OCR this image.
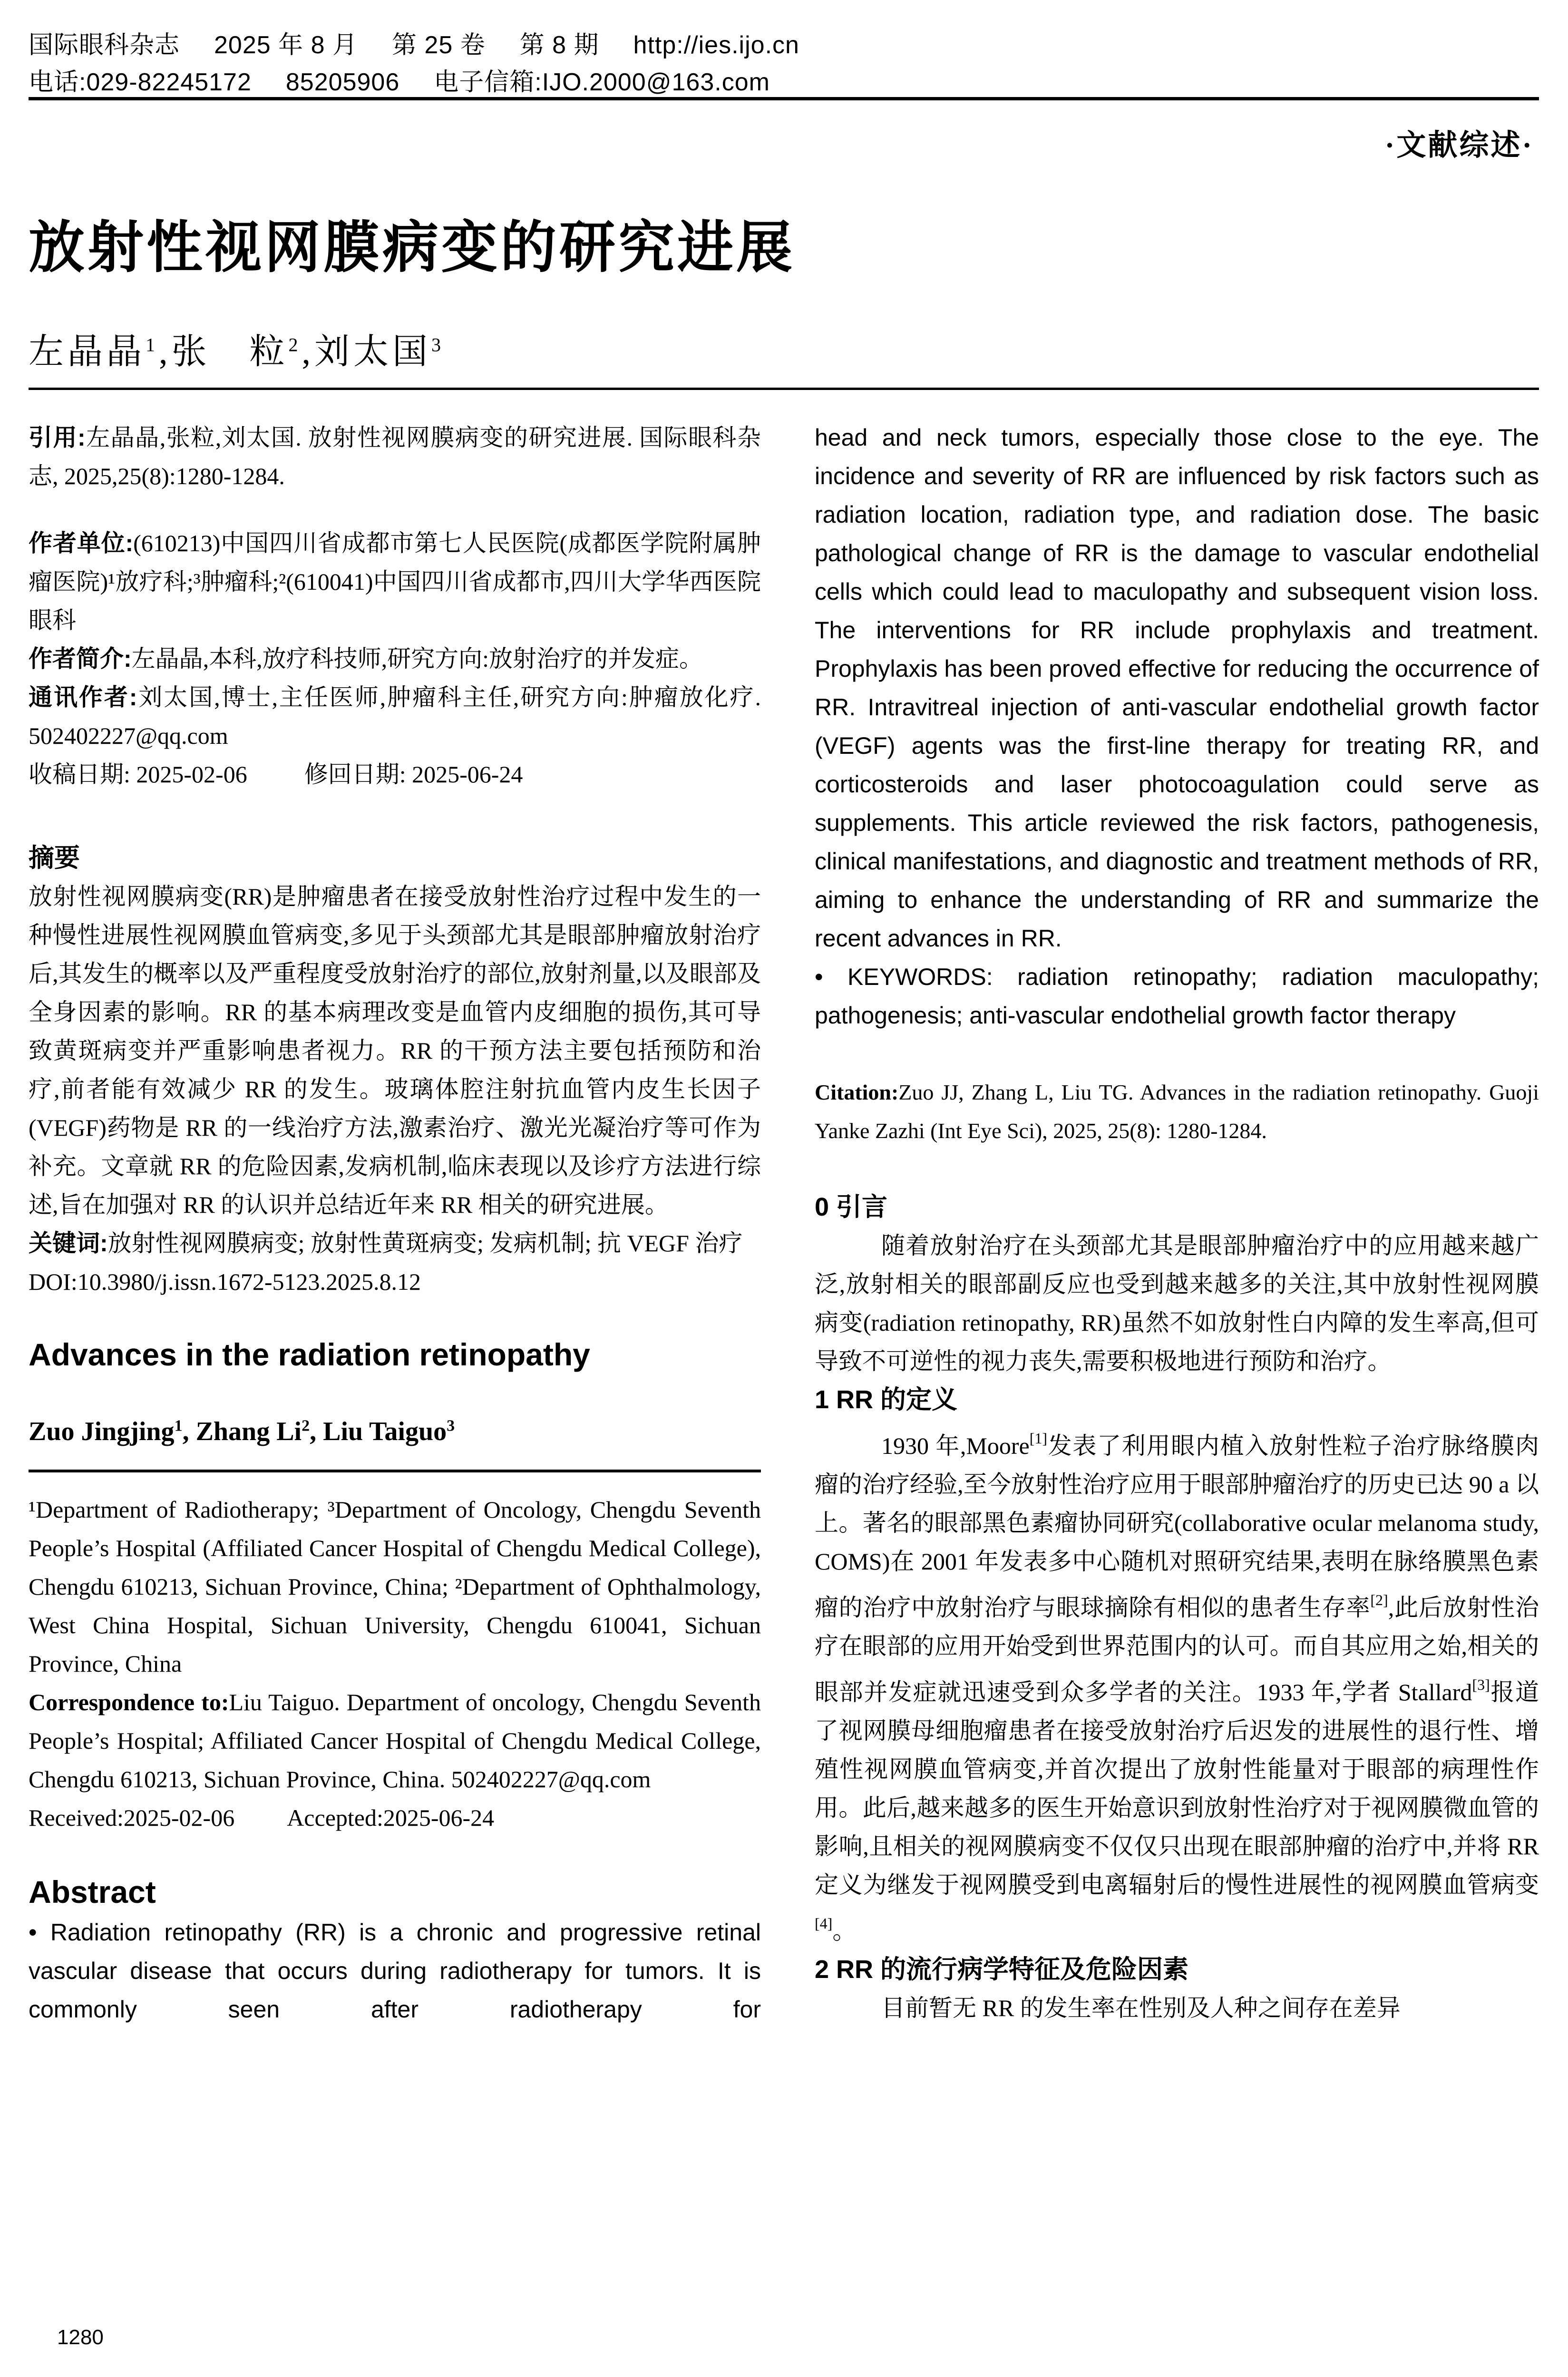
国际眼科杂志 2025 年 8 月 第 25 卷 第 8 期 http://ies.ijo.cn
电话:029-82245172 85205906 电子信箱:IJO.2000@163.com
·文献综述·
放射性视网膜病变的研究进展
左晶晶$^1$,张　粒$^2$,刘太国$^3$

引用:左晶晶,张粒,刘太国. 放射性视网膜病变的研究进展. 国际眼科杂志, 2025,25(8):1280-1284.

作者单位:(610213)中国四川省成都市第七人民医院(成都医学院附属肿瘤医院)¹放疗科;³肿瘤科;²(610041)中国四川省成都市,四川大学华西医院眼科

作者简介:左晶晶,本科,放疗科技师,研究方向:放射治疗的并发症。

通讯作者:刘太国,博士,主任医师,肿瘤科主任,研究方向:肿瘤放化疗. 502402227@qq.com

收稿日期: 2025-02-06 修回日期: 2025-06-24

摘要

放射性视网膜病变(RR)是肿瘤患者在接受放射性治疗过程中发生的一种慢性进展性视网膜血管病变,多见于头颈部尤其是眼部肿瘤放射治疗后,其发生的概率以及严重程度受放射治疗的部位,放射剂量,以及眼部及全身因素的影响。RR 的基本病理改变是血管内皮细胞的损伤,其可导致黄斑病变并严重影响患者视力。RR 的干预方法主要包括预防和治疗,前者能有效减少 RR 的发生。玻璃体腔注射抗血管内皮生长因子(VEGF)药物是 RR 的一线治疗方法,激素治疗、激光光凝治疗等可作为补充。文章就 RR 的危险因素,发病机制,临床表现以及诊疗方法进行综述,旨在加强对 RR 的认识并总结近年来 RR 相关的研究进展。

关键词:放射性视网膜病变; 放射性黄斑病变; 发病机制; 抗 VEGF 治疗

DOI:10.3980/j.issn.1672-5123.2025.8.12

Advances in the radiation retinopathy
Zuo Jingjing$^1$, Zhang Li$^2$, Liu Taiguo$^3$

¹Department of Radiotherapy; ³Department of Oncology, Chengdu Seventh People’s Hospital (Affiliated Cancer Hospital of Chengdu Medical College), Chengdu 610213, Sichuan Province, China; ²Department of Ophthalmology, West China Hospital, Sichuan University, Chengdu 610041, Sichuan Province, China

Correspondence to:Liu Taiguo. Department of oncology, Chengdu Seventh People’s Hospital; Affiliated Cancer Hospital of Chengdu Medical College, Chengdu 610213, Sichuan Province, China. 502402227@qq.com

Received:2025-02-06 Accepted:2025-06-24

Abstract

• Radiation retinopathy (RR) is a chronic and progressive retinal vascular disease that occurs during radiotherapy for tumors. It is commonly seen after radiotherapy for

head and neck tumors, especially those close to the eye. The incidence and severity of RR are influenced by risk factors such as radiation location, radiation type, and radiation dose. The basic pathological change of RR is the damage to vascular endothelial cells which could lead to maculopathy and subsequent vision loss. The interventions for RR include prophylaxis and treatment. Prophylaxis has been proved effective for reducing the occurrence of RR. Intravitreal injection of anti-vascular endothelial growth factor (VEGF) agents was the first-line therapy for treating RR, and corticosteroids and laser photocoagulation could serve as supplements. This article reviewed the risk factors, pathogenesis, clinical manifestations, and diagnostic and treatment methods of RR, aiming to enhance the understanding of RR and summarize the recent advances in RR.

• KEYWORDS: radiation retinopathy; radiation maculopathy; pathogenesis; anti-vascular endothelial growth factor therapy

Citation:Zuo JJ, Zhang L, Liu TG. Advances in the radiation retinopathy. Guoji Yanke Zazhi (Int Eye Sci), 2025, 25(8): 1280-1284.

0 引言

随着放射治疗在头颈部尤其是眼部肿瘤治疗中的应用越来越广泛,放射相关的眼部副反应也受到越来越多的关注,其中放射性视网膜病变(radiation retinopathy, RR)虽然不如放射性白内障的发生率高,但可导致不可逆性的视力丧失,需要积极地进行预防和治疗。

1 RR 的定义

1930 年,Moore[1]发表了利用眼内植入放射性粒子治疗脉络膜肉瘤的治疗经验,至今放射性治疗应用于眼部肿瘤治疗的历史已达 90 a 以上。著名的眼部黑色素瘤协同研究(collaborative ocular melanoma study, COMS)在 2001 年发表多中心随机对照研究结果,表明在脉络膜黑色素瘤的治疗中放射治疗与眼球摘除有相似的患者生存率[2],此后放射性治疗在眼部的应用开始受到世界范围内的认可。而自其应用之始,相关的眼部并发症就迅速受到众多学者的关注。1933 年,学者 Stallard[3]报道了视网膜母细胞瘤患者在接受放射治疗后迟发的进展性的退行性、增殖性视网膜血管病变,并首次提出了放射性能量对于眼部的病理性作用。此后,越来越多的医生开始意识到放射性治疗对于视网膜微血管的影响,且相关的视网膜病变不仅仅只出现在眼部肿瘤的治疗中,并将 RR 定义为继发于视网膜受到电离辐射后的慢性进展性的视网膜血管病变[4]。

2 RR 的流行病学特征及危险因素

目前暂无 RR 的发生率在性别及人种之间存在差异

1280
